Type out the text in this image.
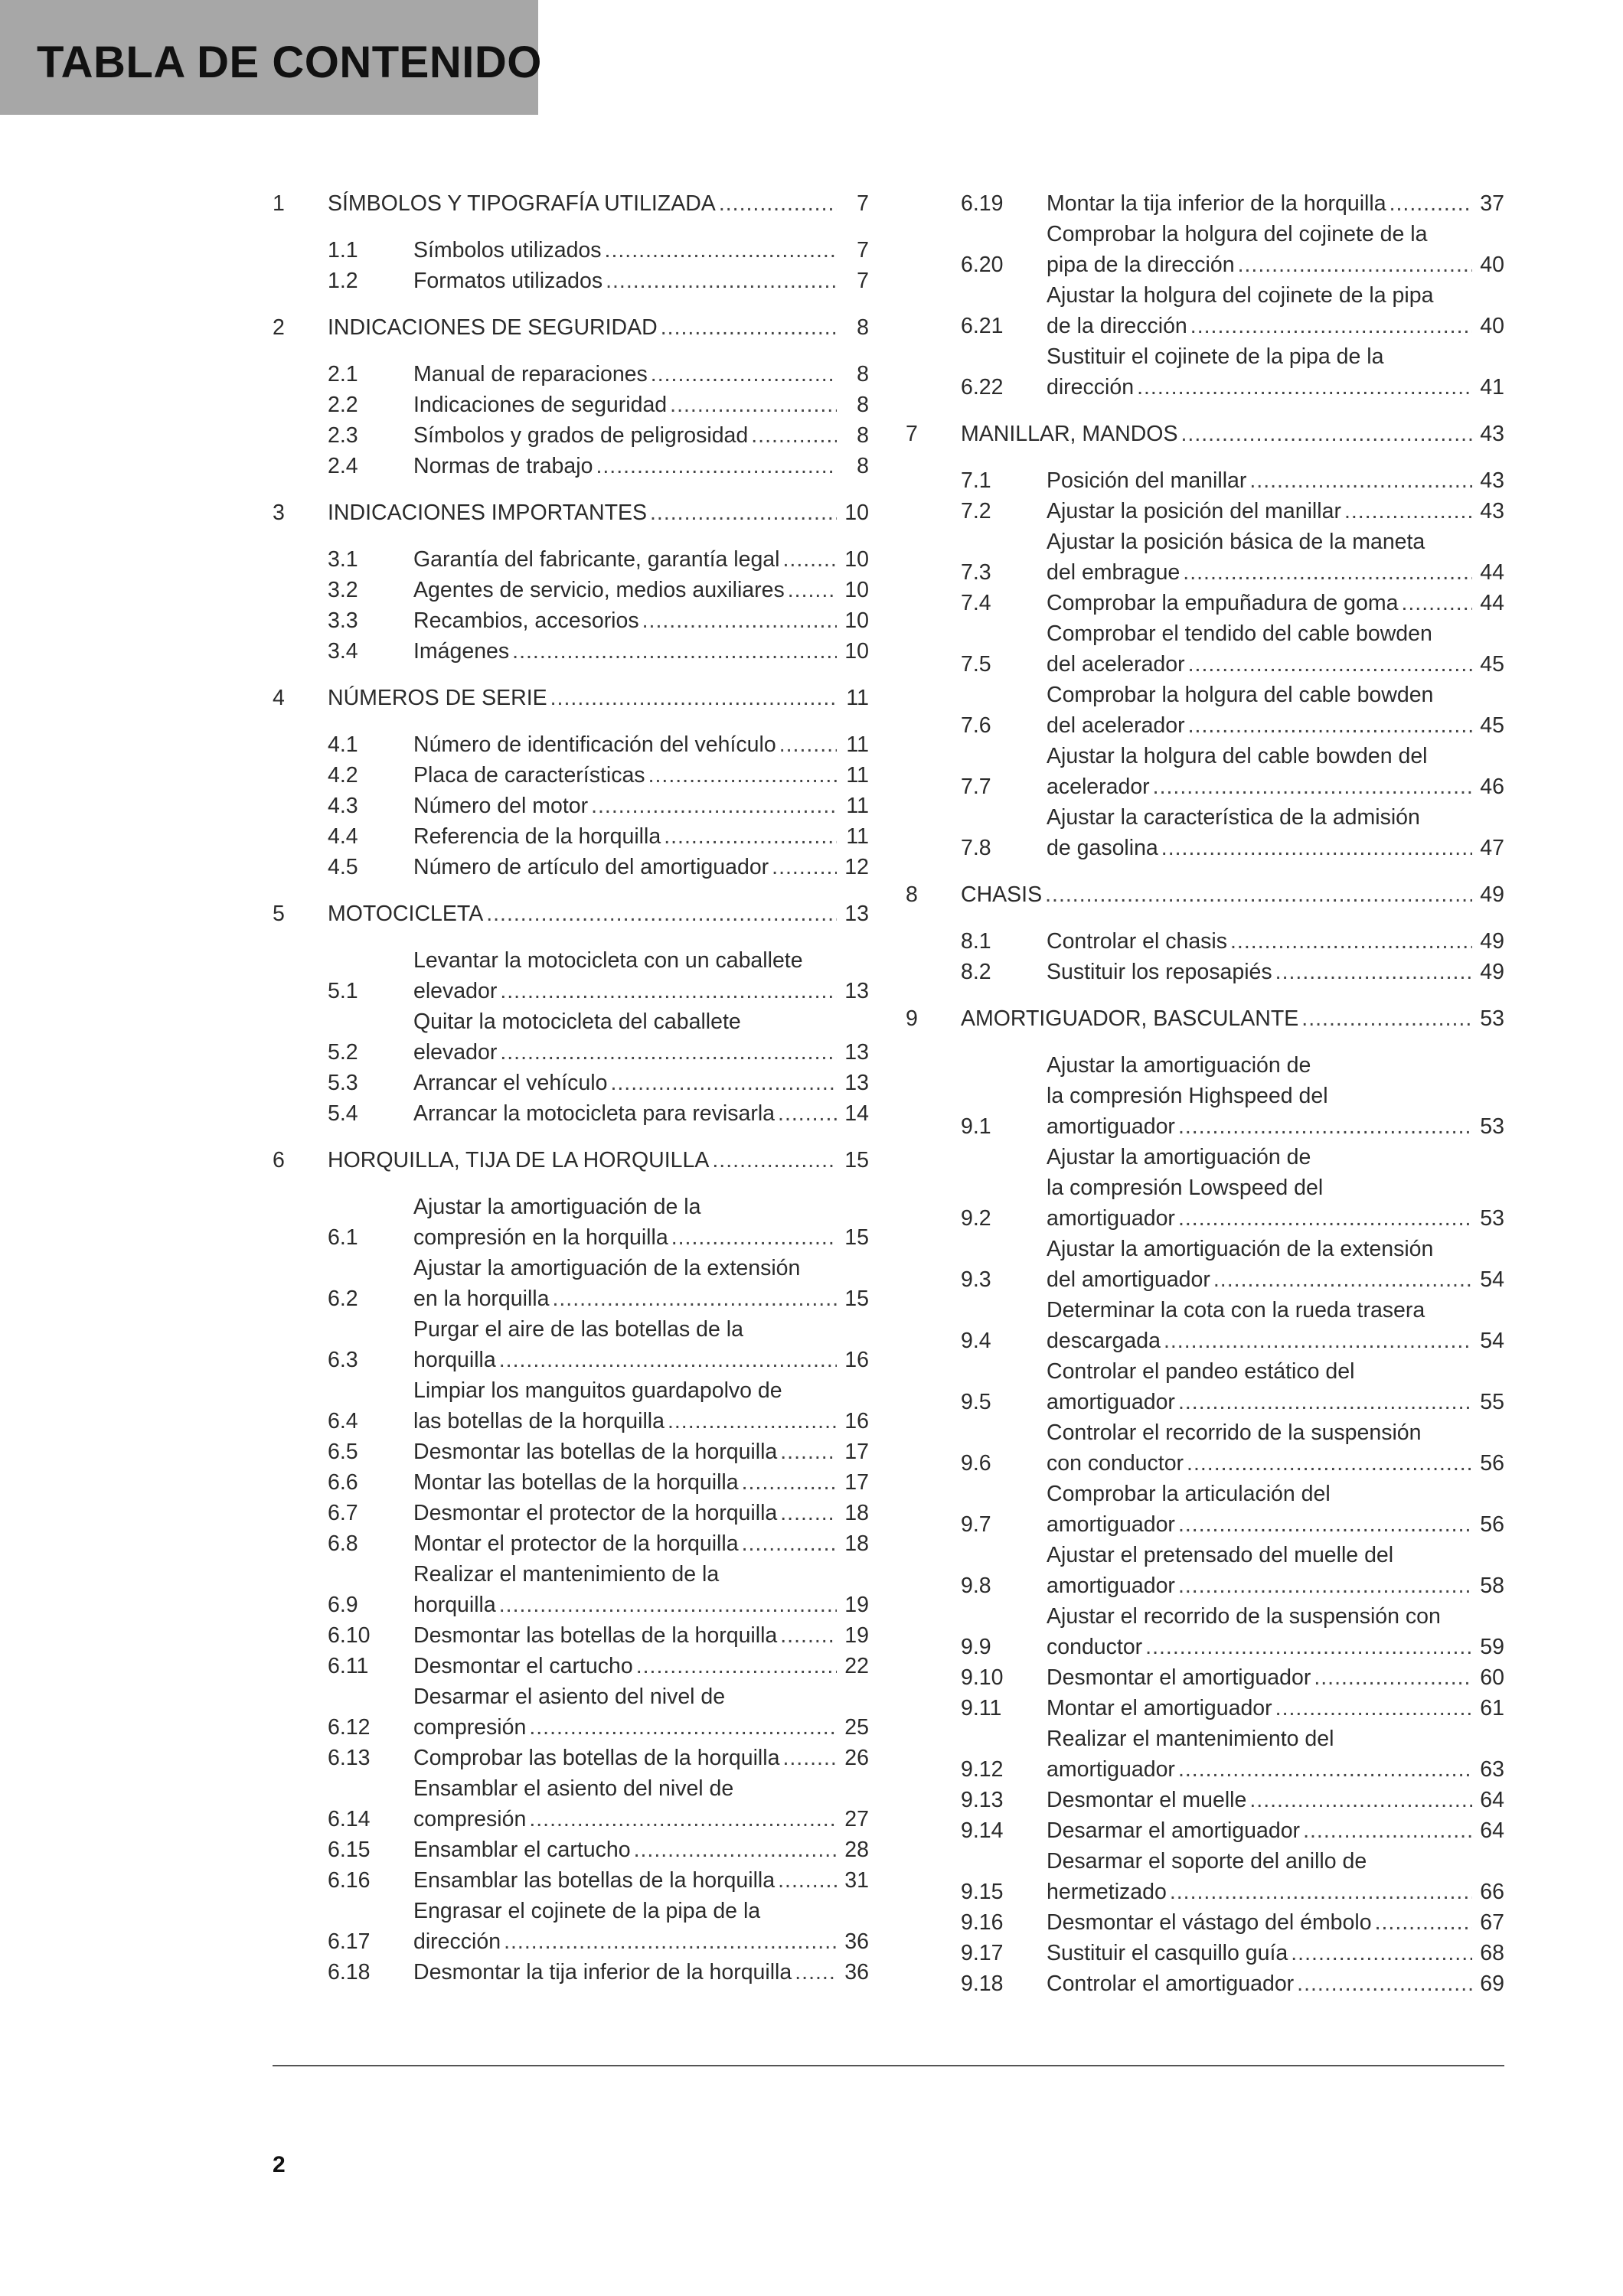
TABLA DE CONTENIDO
1	SÍMBOLOS Y TIPOGRAFÍA UTILIZADA .....	7
1.1	Símbolos utilizados .....	7
1.2	Formatos utilizados .....	7
2	INDICACIONES DE SEGURIDAD .....	8
2.1	Manual de reparaciones .....	8
2.2	Indicaciones de seguridad .....	8
2.3	Símbolos y grados de peligrosidad .....	8
2.4	Normas de trabajo .....	8
3	INDICACIONES IMPORTANTES .....	10
3.1	Garantía del fabricante, garantía legal .....	10
3.2	Agentes de servicio, medios auxiliares .....	10
3.3	Recambios, accesorios .....	10
3.4	Imágenes .....	10
4	NÚMEROS DE SERIE .....	11
4.1	Número de identificación del vehículo .....	11
4.2	Placa de características .....	11
4.3	Número del motor .....	11
4.4	Referencia de la horquilla .....	11
4.5	Número de artículo del amortiguador .....	12
5	MOTOCICLETA .....	13
5.1
Levantar la motocicleta con un caballete
elevador .....	13
5.2
Quitar la motocicleta del caballete
elevador .....	13
5.3	Arrancar el vehículo .....	13
5.4	Arrancar la motocicleta para revisarla .....	14
6	HORQUILLA, TIJA DE LA HORQUILLA .....	15
6.1
Ajustar la amortiguación de la
compresión en la horquilla .....	15
6.2
Ajustar la amortiguación de la extensión
en la horquilla .....	15
6.3
Purgar el aire de las botellas de la
horquilla .....	16
6.4
Limpiar los manguitos guardapolvo de
las botellas de la horquilla .....	16
6.5	Desmontar las botellas de la horquilla .....	17
6.6	Montar las botellas de la horquilla .....	17
6.7	Desmontar el protector de la horquilla .....	18
6.8	Montar el protector de la horquilla .....	18
6.9
Realizar el mantenimiento de la
horquilla .....	19
6.10	Desmontar las botellas de la horquilla .....	19
6.11	Desmontar el cartucho .....	22
6.12
Desarmar el asiento del nivel de
compresión .....	25
6.13	Comprobar las botellas de la horquilla .....	26
6.14
Ensamblar el asiento del nivel de
compresión .....	27
6.15	Ensamblar el cartucho .....	28
6.16	Ensamblar las botellas de la horquilla .....	31
6.17
Engrasar el cojinete de la pipa de la
dirección .....	36
6.18	Desmontar la tija inferior de la horquilla ..... 36
6.19	Montar la tija inferior de la horquilla .....	37
6.20
Comprobar la holgura del cojinete de la
pipa de la dirección .....	40
6.21
Ajustar la holgura del cojinete de la pipa
de la dirección .....	40
6.22
Sustituir el cojinete de la pipa de la
dirección .....	41
7	MANILLAR, MANDOS .....	43
7.1	Posición del manillar .....	43
7.2	Ajustar la posición del manillar .....	43
7.3
Ajustar la posición básica de la maneta
del embrague .....	44
7.4	Comprobar la empuñadura de goma .....	44
7.5
Comprobar el tendido del cable bowden
del acelerador .....	45
7.6
Comprobar la holgura del cable bowden
del acelerador .....	45
7.7
Ajustar la holgura del cable bowden del
acelerador .....	46
7.8
Ajustar la característica de la admisión
de gasolina .....	47
8	CHASIS .....	49
8.1	Controlar el chasis .....	49
8.2	Sustituir los reposapiés .....	49
9	AMORTIGUADOR, BASCULANTE .....	53
9.1
Ajustar la amortiguación de
la compresión Highspeed del
amortiguador .....	53
9.2
Ajustar la amortiguación de
la compresión Lowspeed del
amortiguador .....	53
9.3
Ajustar la amortiguación de la extensión
del amortiguador .....	54
9.4
Determinar la cota con la rueda trasera
descargada .....	54
9.5
Controlar el pandeo estático del
amortiguador .....	55
9.6
Controlar el recorrido de la suspensión
con conductor .....	56
9.7
Comprobar la articulación del
amortiguador .....	56
9.8
Ajustar el pretensado del muelle del
amortiguador .....	58
9.9
Ajustar el recorrido de la suspensión con
conductor .....	59
9.10	Desmontar el amortiguador .....	60
9.11	Montar el amortiguador .....	61
9.12
Realizar el mantenimiento del
amortiguador .....	63
9.13	Desmontar el muelle .....	64
9.14	Desarmar el amortiguador .....	64
9.15
Desarmar el soporte del anillo de
hermetizado .....	66
9.16	Desmontar el vástago del émbolo .....	67
9.17	Sustituir el casquillo guía .....	68
9.18	Controlar el amortiguador .....	69
2
